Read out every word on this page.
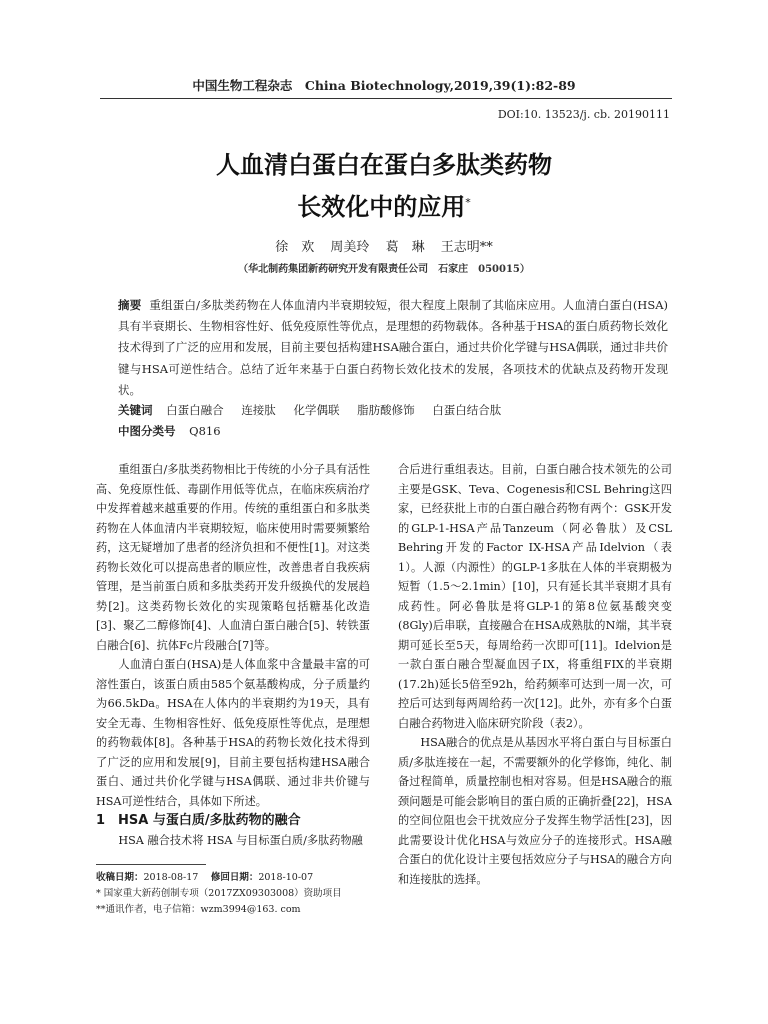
中国生物工程杂志　China Biotechnology,2019,39(1):82-89
DOI:10. 13523/j. cb. 20190111
人血清白蛋白在蛋白多肽类药物
长效化中的应用*
徐　欢 周美玲 葛　琳 王志明**
（华北制药集团新药研究开发有限责任公司　石家庄　050015）
摘要 重组蛋白/多肽类药物在人体血清内半衰期较短，很大程度上限制了其临床应用。人血清白蛋白(HSA)具有半衰期长、生物相容性好、低免疫原性等优点，是理想的药物载体。各种基于HSA的蛋白质药物长效化技术得到了广泛的应用和发展，目前主要包括构建HSA融合蛋白，通过共价化学键与HSA偶联，通过非共价键与HSA可逆性结合。总结了近年来基于白蛋白药物长效化技术的发展，各项技术的优缺点及药物开发现状。
关键词 白蛋白融合 连接肽 化学偶联 脂肪酸修饰 白蛋白结合肽
中图分类号 Q816

重组蛋白/多肽类药物相比于传统的小分子具有活性高、免疫原性低、毒副作用低等优点，在临床疾病治疗中发挥着越来越重要的作用。传统的重组蛋白和多肽类药物在人体血清内半衰期较短，临床使用时需要频繁给药，这无疑增加了患者的经济负担和不便性[1]。对这类药物长效化可以提高患者的顺应性，改善患者自我疾病管理，是当前蛋白质和多肽类药开发升级换代的发展趋势[2]。这类药物长效化的实现策略包括糖基化改造[3]、聚乙二醇修饰[4]、人血清白蛋白融合[5]、转铁蛋白融合[6]、抗体Fc片段融合[7]等。

人血清白蛋白(HSA)是人体血浆中含量最丰富的可溶性蛋白，该蛋白质由585个氨基酸构成，分子质量约为66.5kDa。HSA在人体内的半衰期约为19天，具有安全无毒、生物相容性好、低免疫原性等优点，是理想的药物载体[8]。各种基于HSA的药物长效化技术得到了广泛的应用和发展[9]，目前主要包括构建HSA融合蛋白、通过共价化学键与HSA偶联、通过非共价键与HSA可逆性结合，具体如下所述。

1　HSA 与蛋白质/多肽药物的融合

HSA 融合技术将 HSA 与目标蛋白质/多肽药物融

合后进行重组表达。目前，白蛋白融合技术领先的公司主要是GSK、Teva、Cogenesis和CSL Behring这四家，已经获批上市的白蛋白融合药物有两个：GSK开发的GLP-1-HSA产品Tanzeum（阿必鲁肽）及CSL Behring开发的Factor IX-HSA产品Idelvion（表1）。人源（内源性）的GLP-1多肽在人体的半衰期极为短暂（1.5～2.1min）[10]，只有延长其半衰期才具有成药性。阿必鲁肽是将GLP-1的第8位氨基酸突变(8Gly)后串联，直接融合在HSA成熟肽的N端，其半衰期可延长至5天，每周给药一次即可[11]。Idelvion是一款白蛋白融合型凝血因子IX，将重组FIX的半衰期(17.2h)延长5倍至92h，给药频率可达到一周一次，可控后可达到每两周给药一次[12]。此外，亦有多个白蛋白融合药物进入临床研究阶段（表2）。

HSA融合的优点是从基因水平将白蛋白与目标蛋白质/多肽连接在一起，不需要额外的化学修饰，纯化、制备过程简单，质量控制也相对容易。但是HSA融合的瓶颈问题是可能会影响目的蛋白质的正确折叠[22]，HSA的空间位阻也会干扰效应分子发挥生物学活性[23]，因此需要设计优化HSA与效应分子的连接形式。HSA融合蛋白的优化设计主要包括效应分子与HSA的融合方向和连接肽的选择。

收稿日期：2018-08-17   修回日期：2018-10-07
* 国家重大新药创制专项（2017ZX09303008）资助项目
**通讯作者，电子信箱：wzm3994@163. com
